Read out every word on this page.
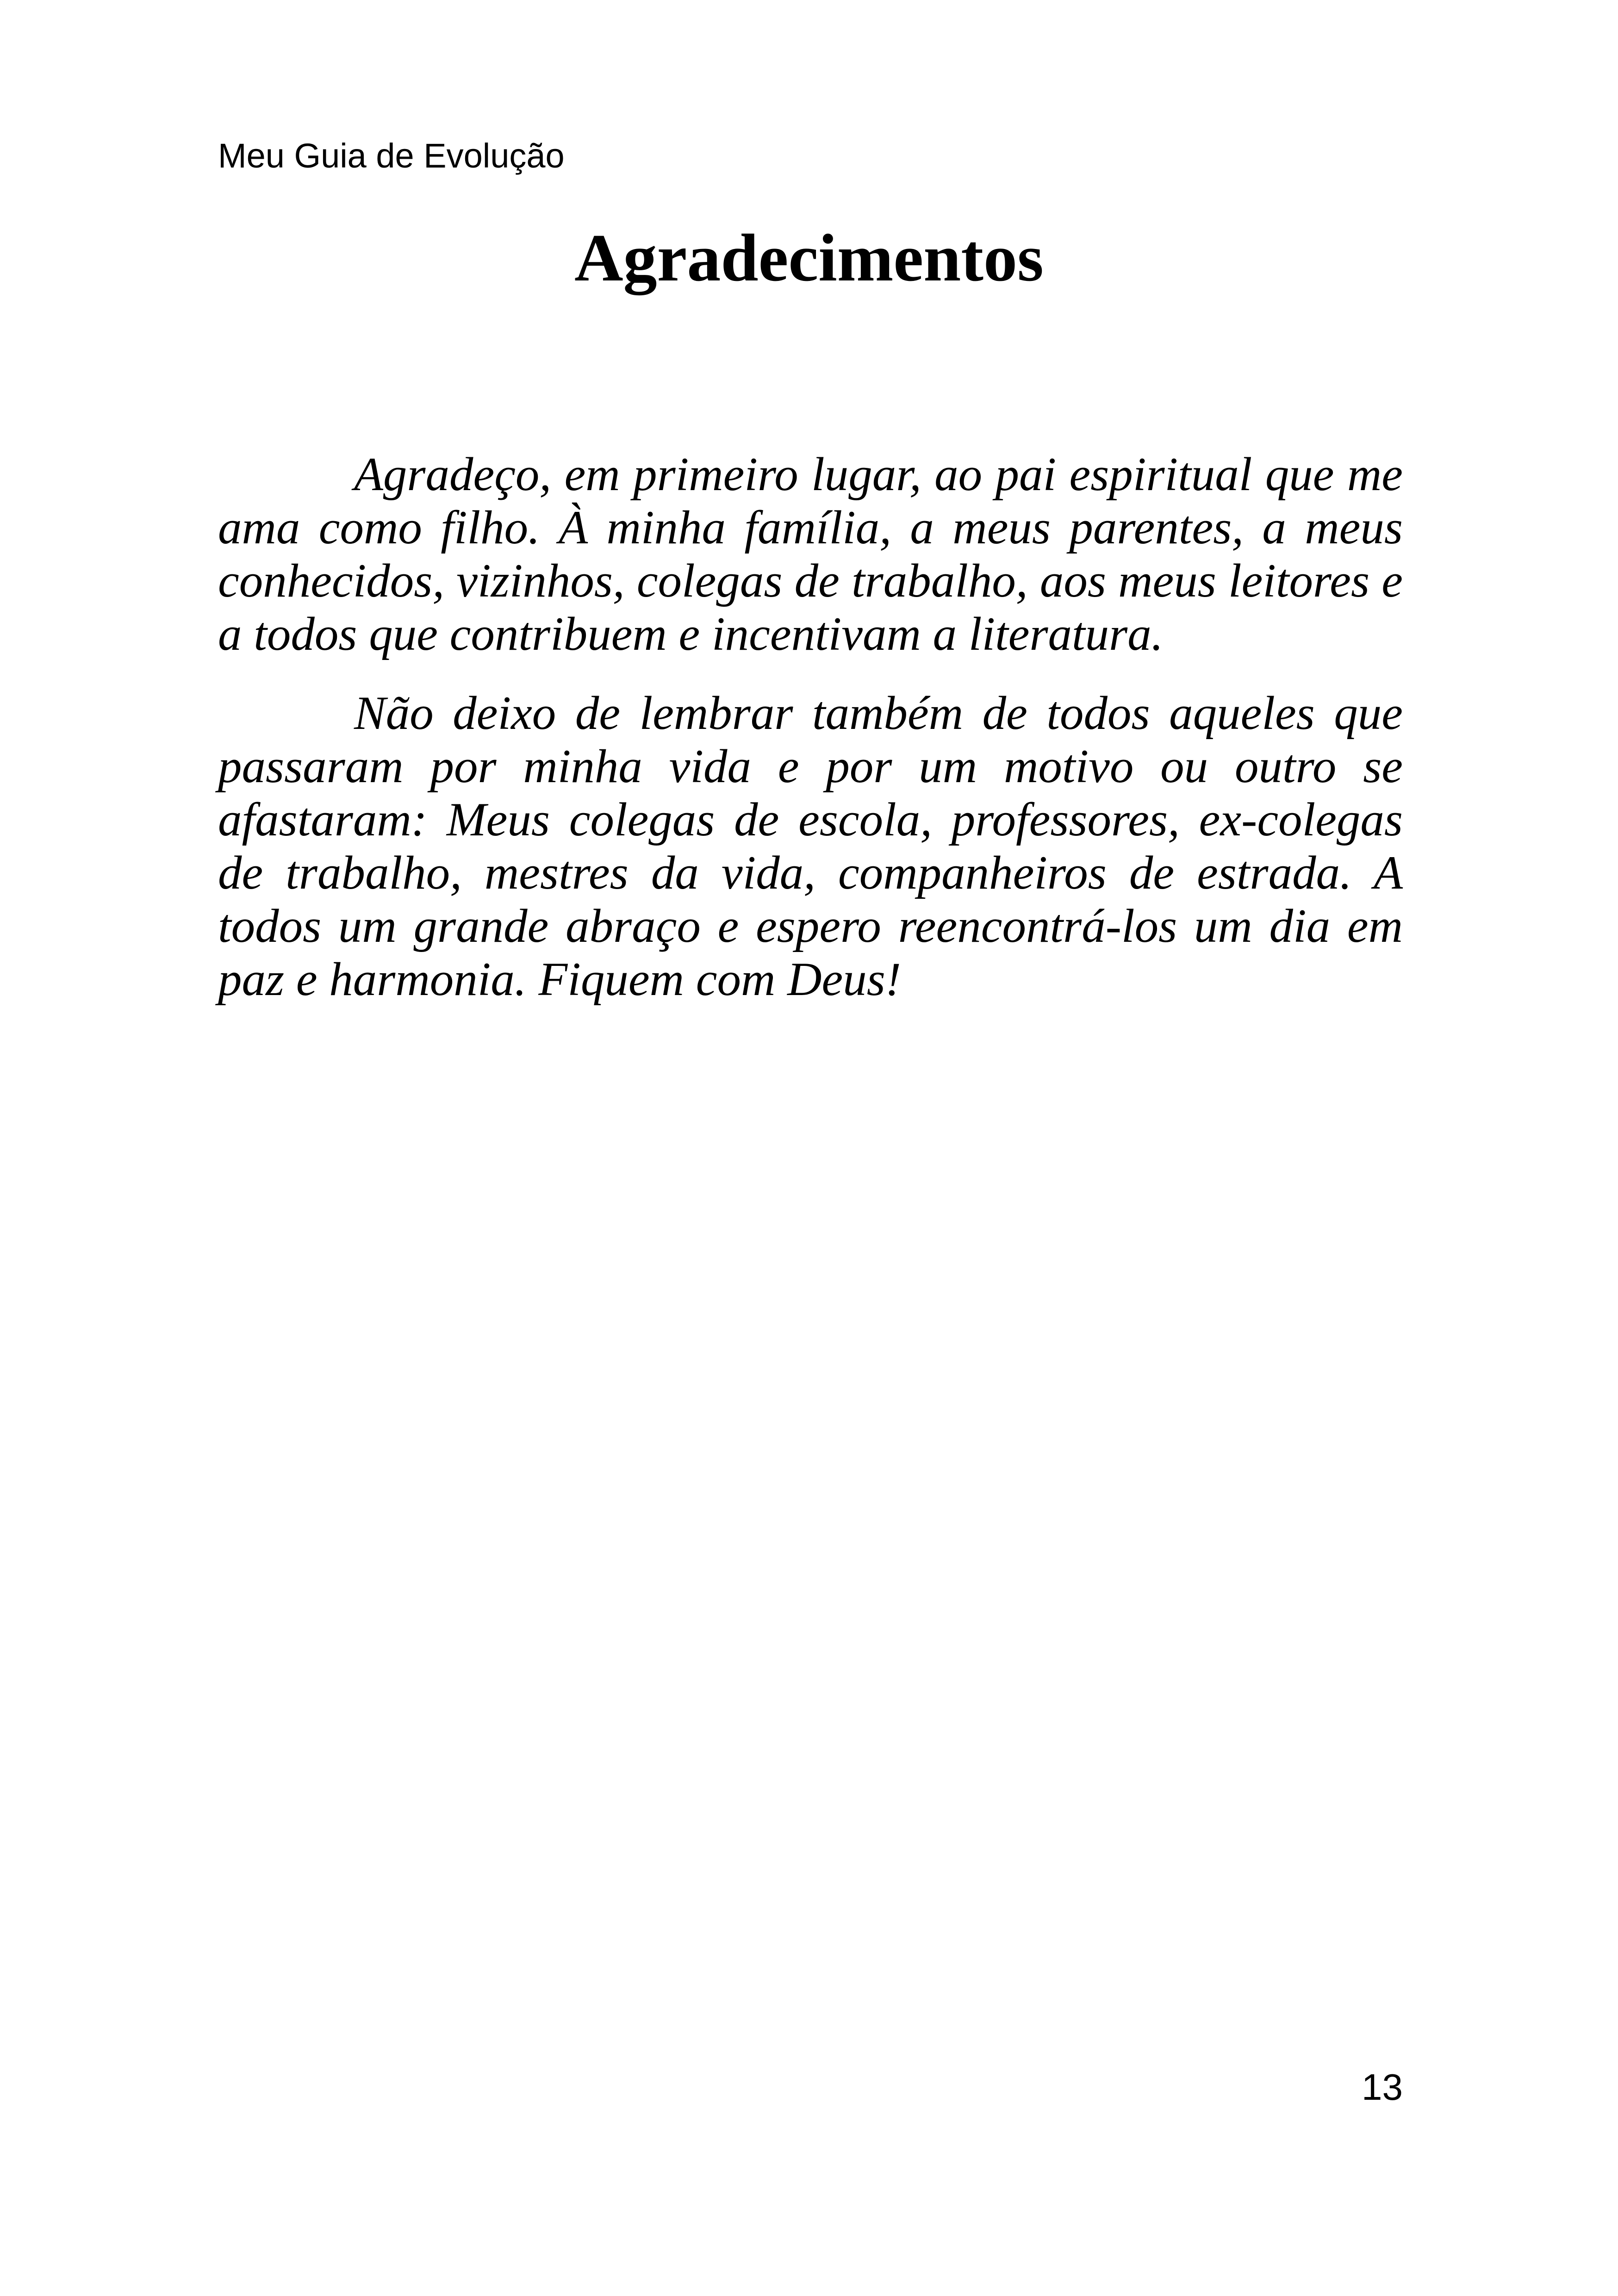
Meu Guia de Evolução
Agradecimentos

Agradeço, em primeiro lugar, ao pai espiritual que me ama como filho. À minha família, a meus parentes, a meus conhecidos, vizinhos, colegas de trabalho, aos meus leitores e a todos que contribuem e incentivam a literatura.

Não deixo de lembrar também de todos aqueles que passaram por minha vida e por um motivo ou outro se afastaram: Meus colegas de escola, professores, ex-colegas de trabalho, mestres da vida, companheiros de estrada. A todos um grande abraço e espero reencontrá-los um dia em paz e harmonia. Fiquem com Deus!

13
